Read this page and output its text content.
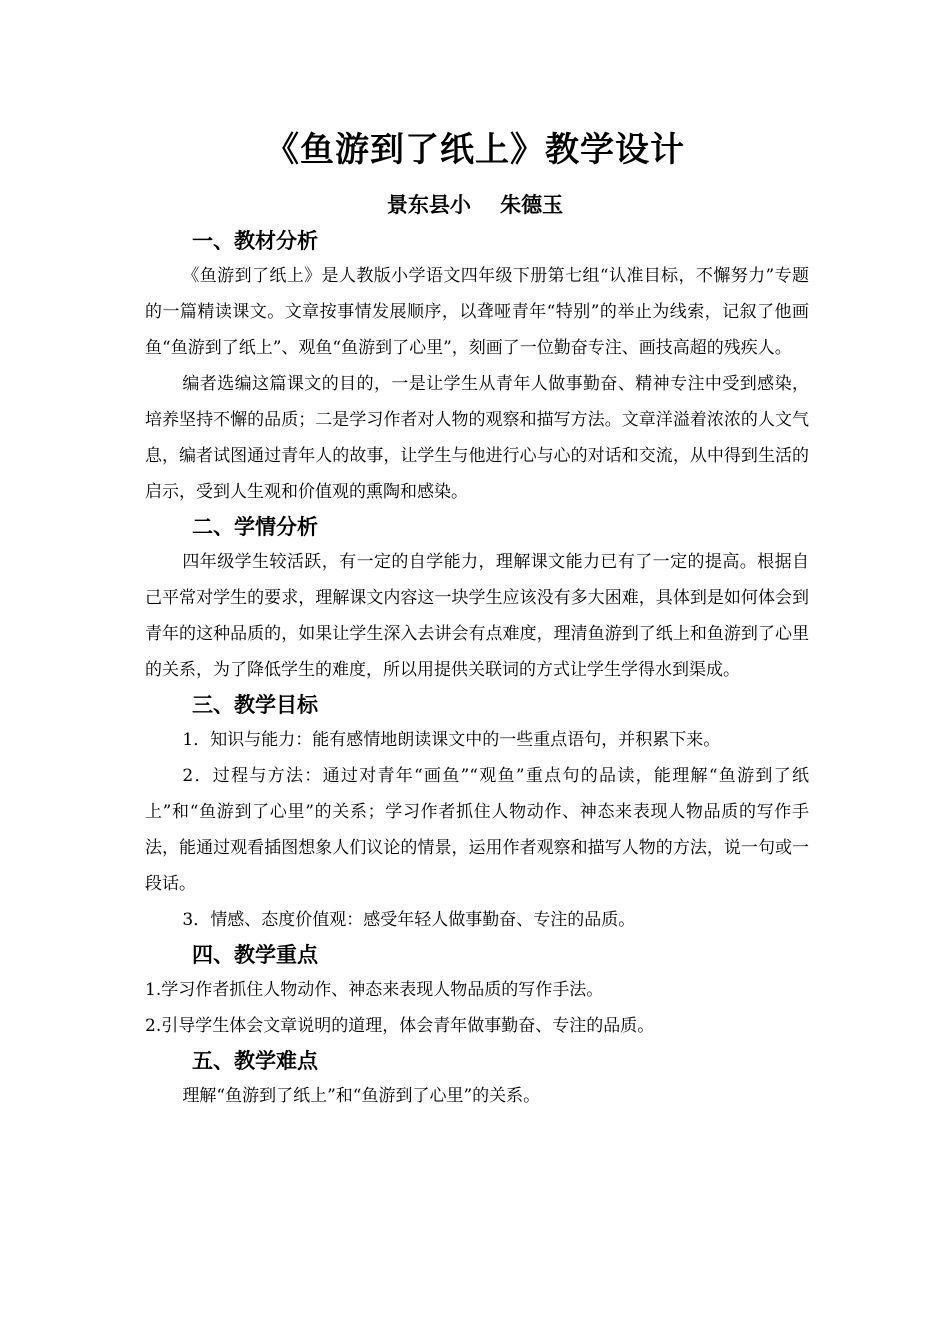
《鱼游到了纸上》教学设计
景东县小    朱德玉
一、教材分析

《鱼游到了纸上》是人教版小学语文四年级下册第七组“认准目标，不懈努力”专题的一篇精读课文。文章按事情发展顺序，以聋哑青年“特别”的举止为线索，记叙了他画鱼“鱼游到了纸上”、观鱼“鱼游到了心里”，刻画了一位勤奋专注、画技高超的残疾人。

编者选编这篇课文的目的，一是让学生从青年人做事勤奋、精神专注中受到感染，培养坚持不懈的品质；二是学习作者对人物的观察和描写方法。文章洋溢着浓浓的人文气息，编者试图通过青年人的故事，让学生与他进行心与心的对话和交流，从中得到生活的启示，受到人生观和价值观的熏陶和感染。

二、学情分析

四年级学生较活跃，有一定的自学能力，理解课文能力已有了一定的提高。根据自己平常对学生的要求，理解课文内容这一块学生应该没有多大困难，具体到是如何体会到青年的这种品质的，如果让学生深入去讲会有点难度，理清鱼游到了纸上和鱼游到了心里的关系，为了降低学生的难度，所以用提供关联词的方式让学生学得水到渠成。

三、教学目标

1．知识与能力：能有感情地朗读课文中的一些重点语句，并积累下来。

2．过程与方法：通过对青年“画鱼”“观鱼”重点句的品读，能理解“鱼游到了纸上”和“鱼游到了心里”的关系；学习作者抓住人物动作、神态来表现人物品质的写作手法，能通过观看插图想象人们议论的情景，运用作者观察和描写人物的方法，说一句或一段话。

3．情感、态度价值观：感受年轻人做事勤奋、专注的品质。

四、教学重点

1.学习作者抓住人物动作、神态来表现人物品质的写作手法。

2.引导学生体会文章说明的道理，体会青年做事勤奋、专注的品质。

五、教学难点

理解“鱼游到了纸上”和“鱼游到了心里”的关系。
